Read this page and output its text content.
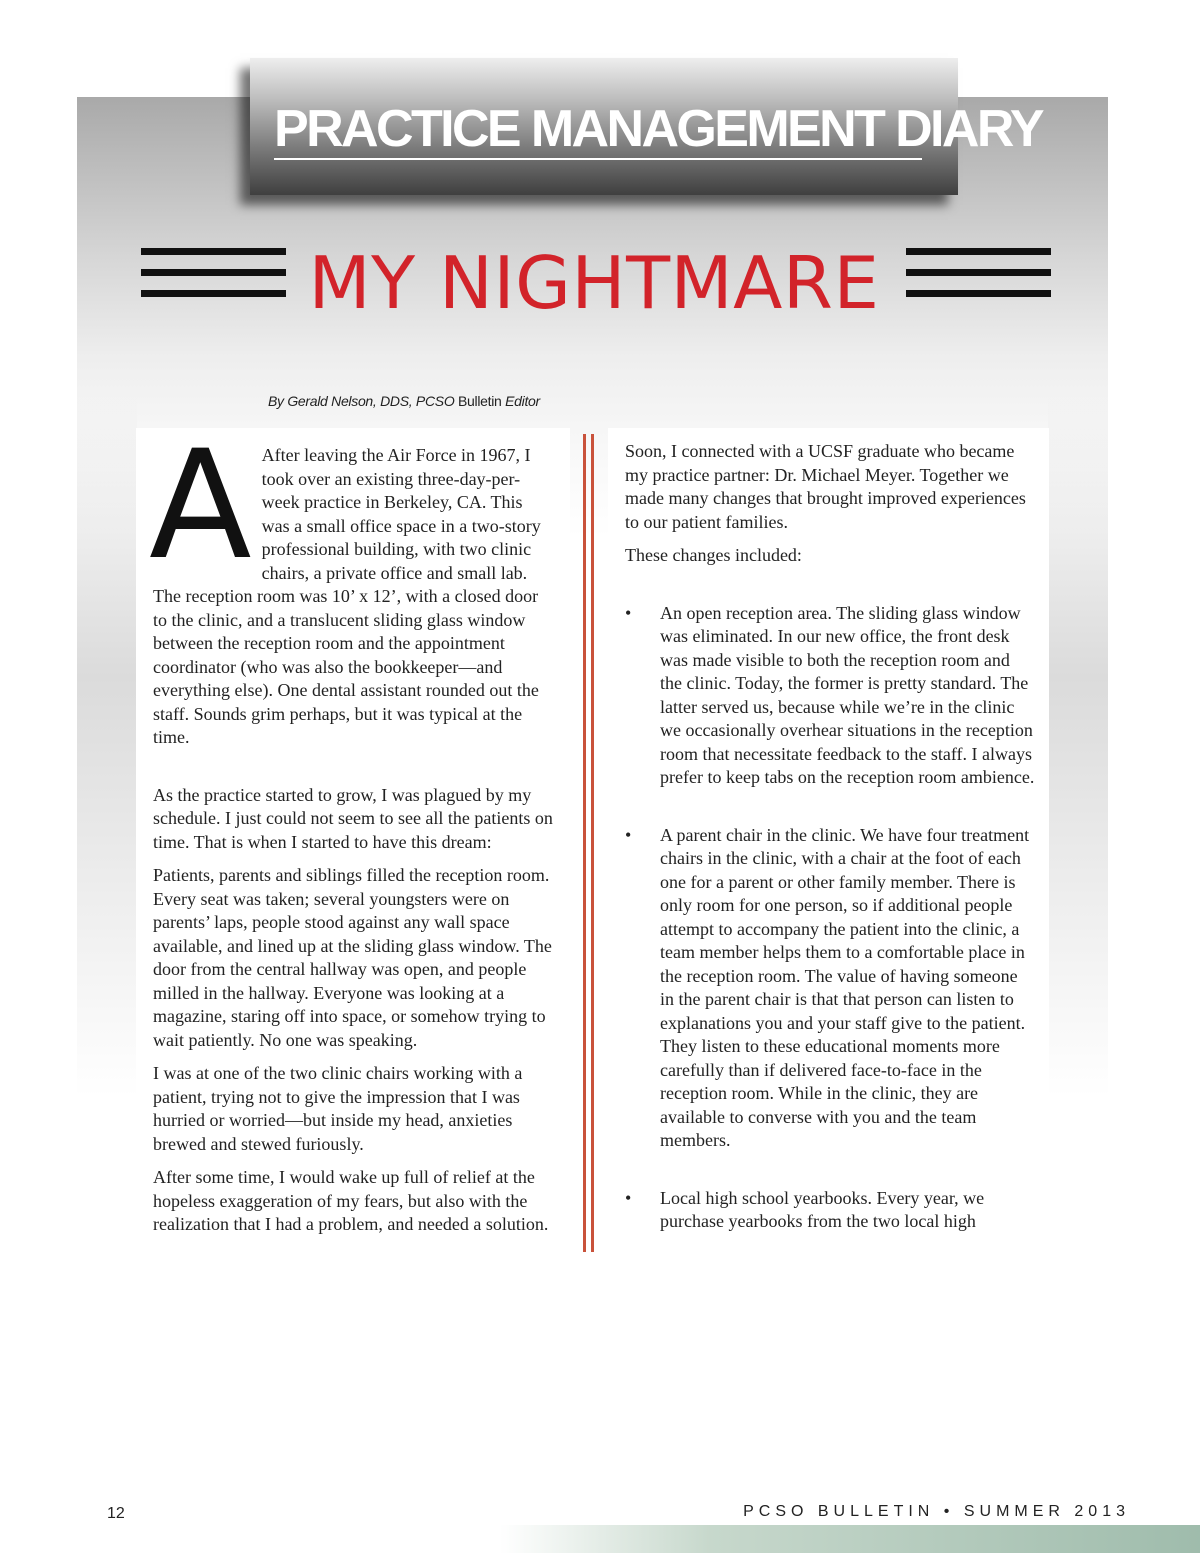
PRACTICE MANAGEMENT DIARY
MY NIGHTMARE
By Gerald Nelson, DDS, PCSO Bulletin Editor

A After leaving the Air Force in 1967, I took over an existing three-day-per-week practice in Berkeley, CA. This was a small office space in a two-story professional building, with two clinic chairs, a private office and small lab. The reception room was 10’ x 12’, with a closed door to the clinic, and a translucent sliding glass window between the reception room and the appointment coordinator (who was also the bookkeeper—and everything else). One dental assistant rounded out the staff. Sounds grim perhaps, but it was typical at the time.

As the practice started to grow, I was plagued by my schedule. I just could not seem to see all the patients on time. That is when I started to have this dream:

Patients, parents and siblings filled the reception room. Every seat was taken; several youngsters were on parents’ laps, people stood against any wall space available, and lined up at the sliding glass window. The door from the central hallway was open, and people milled in the hallway. Everyone was looking at a magazine, staring off into space, or somehow trying to wait patiently. No one was speaking.

I was at one of the two clinic chairs working with a patient, trying not to give the impression that I was hurried or worried—but inside my head, anxieties brewed and stewed furiously.

After some time, I would wake up full of relief at the hopeless exaggeration of my fears, but also with the realization that I had a problem, and needed a solution.

Soon, I connected with a UCSF graduate who became my practice partner: Dr. Michael Meyer. Together we made many changes that brought improved experiences to our patient families.

These changes included:

• An open reception area. The sliding glass window was eliminated. In our new office, the front desk was made visible to both the reception room and the clinic. Today, the former is pretty standard. The latter served us, because while we’re in the clinic we occasionally overhear situations in the reception room that necessitate feedback to the staff. I always prefer to keep tabs on the reception room ambience.
• A parent chair in the clinic. We have four treatment chairs in the clinic, with a chair at the foot of each one for a parent or other family member. There is only room for one person, so if additional people attempt to accompany the patient into the clinic, a team member helps them to a comfortable place in the reception room. The value of having someone in the parent chair is that that person can listen to explanations you and your staff give to the patient. They listen to these educational moments more carefully than if delivered face-to-face in the reception room. While in the clinic, they are available to converse with you and the team members.
• Local high school yearbooks. Every year, we purchase yearbooks from the two local high
12	PCSO BULLETIN • SUMMER 2013
